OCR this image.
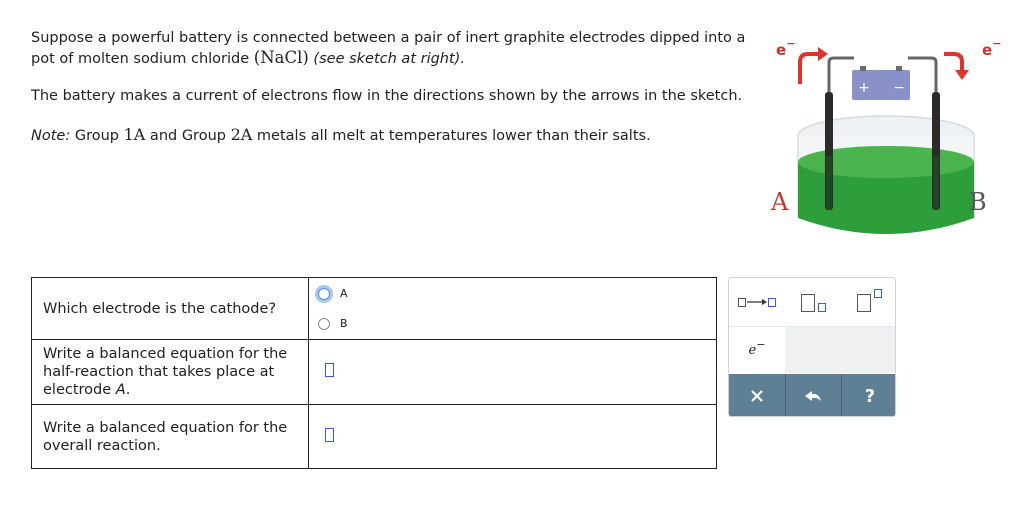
Suppose a powerful battery is connected between a pair of inert graphite electrodes dipped into a pot of molten sodium chloride (NaCl) (see sketch at right).

The battery makes a current of electrons flow in the directions shown by the arrows in the sketch.

Note: Group 1A and Group 2A metals all melt at temperatures lower than their salts.

+ −
e−	e−
A	B
Which electrode is the cathode?	A
B

Write a balanced equation for the half-reaction that takes place at electrode A.	
Write a balanced equation for the overall reaction.	
e−
?
